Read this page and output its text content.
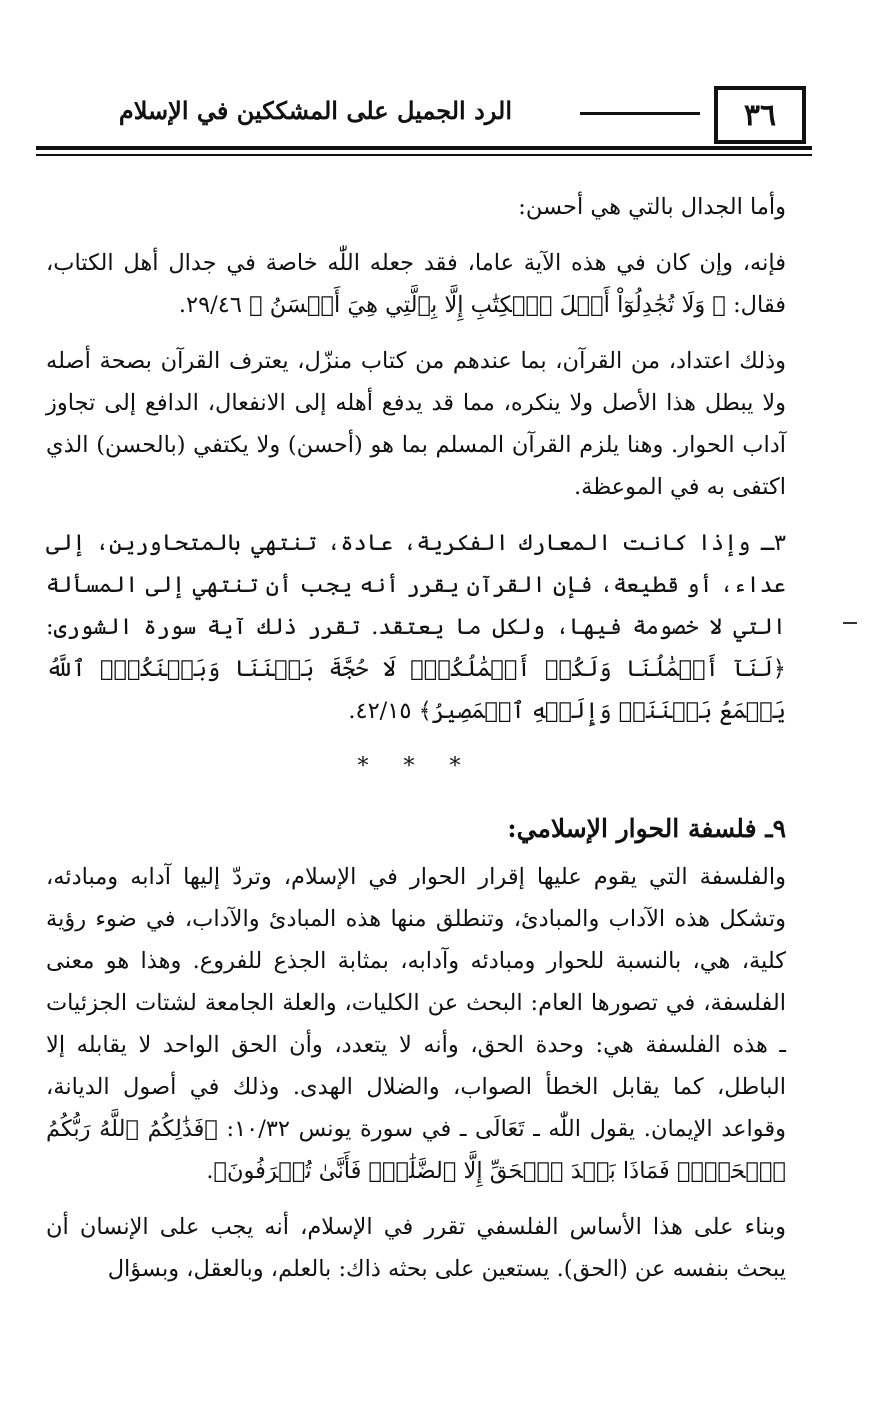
٣٦
الرد الجميل على المشككين في الإسلام

وأما الجدال بالتي هي أحسن:

فإنه، وإن كان في هذه الآية عاما، فقد جعله اللّٰه خاصة في جدال أهل الكتاب، فقال: ﴿ وَلَا تُجَٰدِلُوٓاْ أَهۡلَ ٱلۡكِتَٰبِ إِلَّا بِٱلَّتِي هِيَ أَحۡسَنُ ﴾ ٢٩/٤٦.

وذلك اعتداد، من القرآن، بما عندهم من كتاب منزّل، يعترف القرآن بصحة أصله ولا يبطل هذا الأصل ولا ينكره، مما قد يدفع أهله إلى الانفعال، الدافع إلى تجاوز آداب الحوار. وهنا يلزم القرآن المسلم بما هو (أحسن) ولا يكتفي (بالحسن) الذي اكتفى به في الموعظة.

٣ـ وإذا كانت المعارك الفكرية، عادة، تنتهي بالمتحاورين، إلى عداء، أو قطيعة، فإن القرآن يقرر أنه يجب أن تنتهي إلى المسألة التي لا خصومة فيها، ولكل ما يعتقد. تقرر ذلك آية سورة الشورى: ﴿لَنَآ أَعۡمَٰلُنَا وَلَكُمۡ أَعۡمَٰلُكُمۡۖ لَا حُجَّةَ بَيۡنَنَا وَبَيۡنَكُمُۖ ٱللَّهُ يَجۡمَعُ بَيۡنَنَاۖ وَإِلَيۡهِ ٱلۡمَصِيرُ﴾ ٤٢/١٥.

* * *
٩ـ فلسفة الحوار الإسلامي:

والفلسفة التي يقوم عليها إقرار الحوار في الإسلام، وتردّ إليها آدابه ومبادئه، وتشكل هذه الآداب والمبادئ، وتنطلق منها هذه المبادئ والآداب، في ضوء رؤية كلية، هي، بالنسبة للحوار ومبادئه وآدابه، بمثابة الجذع للفروع. وهذا هو معنى الفلسفة، في تصورها العام: البحث عن الكليات، والعلة الجامعة لشتات الجزئيات ـ هذه الفلسفة هي: وحدة الحق، وأنه لا يتعدد، وأن الحق الواحد لا يقابله إلا الباطل، كما يقابل الخطأ الصواب، والضلال الهدى. وذلك في أصول الديانة، وقواعد الإيمان. يقول اللّٰه ـ تَعَالَى ـ في سورة يونس ١٠/٣٢: ﴿فَذَٰلِكُمُ ٱللَّهُ رَبُّكُمُ ٱلۡحَقُّۖ فَمَاذَا بَعۡدَ ٱلۡحَقِّ إِلَّا ٱلضَّلَٰلُۖ فَأَنَّىٰ تُصۡرَفُونَ﴾.

وبناء على هذا الأساس الفلسفي تقرر في الإسلام، أنه يجب على الإنسان أن يبحث بنفسه عن (الحق). يستعين على بحثه ذاك: بالعلم، وبالعقل، وبسؤال
